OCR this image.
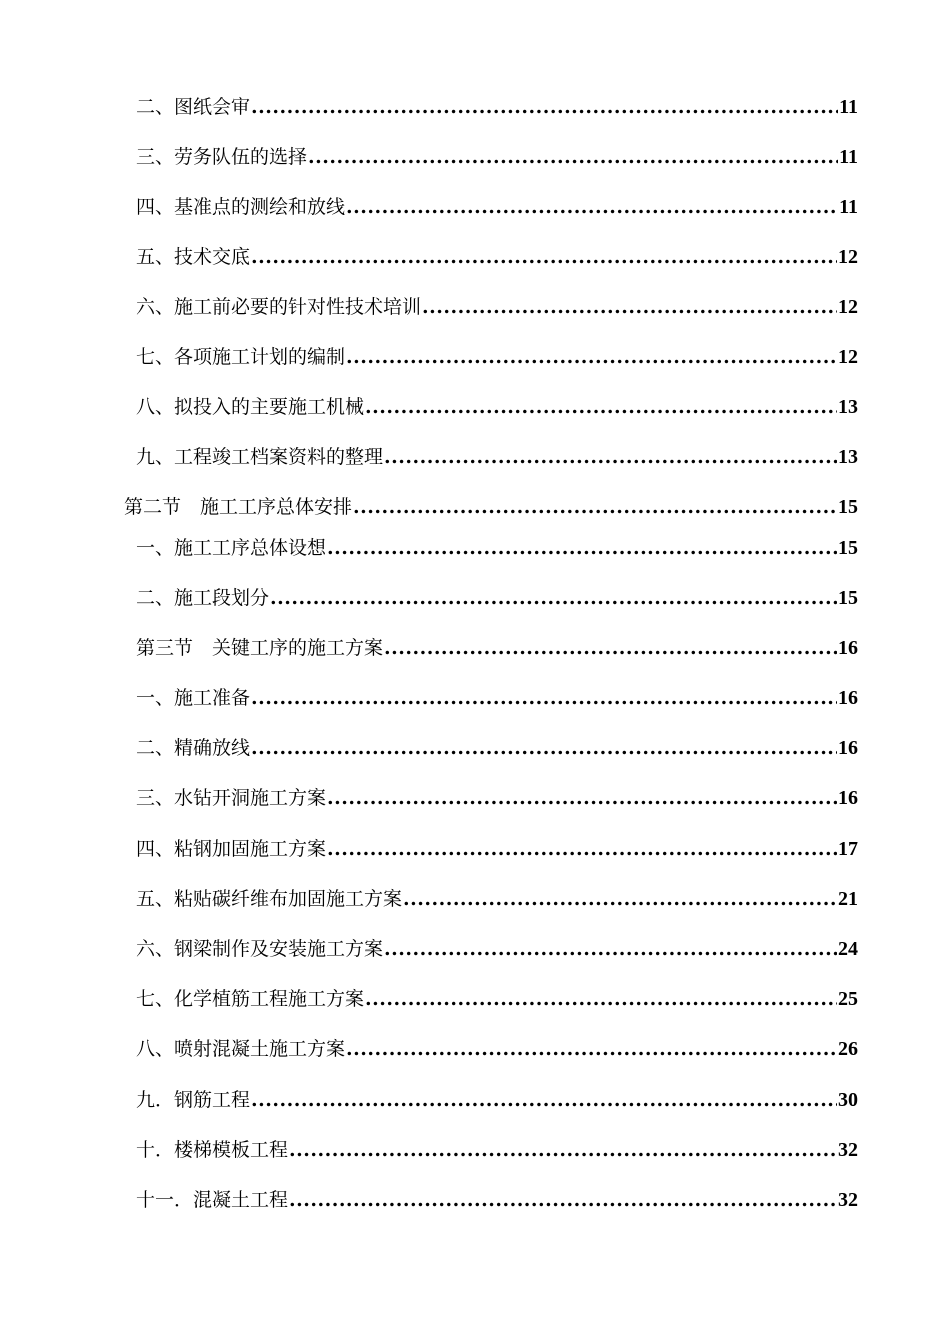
二、图纸会审 .....	11
三、劳务队伍的选择 .....	11
四、基准点的测绘和放线 .....	11
五、技术交底 .....	12
六、施工前必要的针对性技术培训 .....	12
七、各项施工计划的编制 .....	12
八、拟投入的主要施工机械 .....	13
九、工程竣工档案资料的整理 .....	13
第二节　施工工序总体安排 .....	15
一、施工工序总体设想 .....	15
二、施工段划分 .....	15
第三节　关键工序的施工方案 .....	16
一、施工准备 .....	16
二、精确放线 .....	16
三、水钻开洞施工方案 .....	16
四、粘钢加固施工方案 .....	17
五、粘贴碳纤维布加固施工方案 .....	21
六、钢梁制作及安装施工方案 .....	24
七、化学植筋工程施工方案 .....	25
八、喷射混凝土施工方案 .....	26
九．钢筋工程 .....	30
十．楼梯模板工程 .....	32
十一．混凝土工程 .....	32
